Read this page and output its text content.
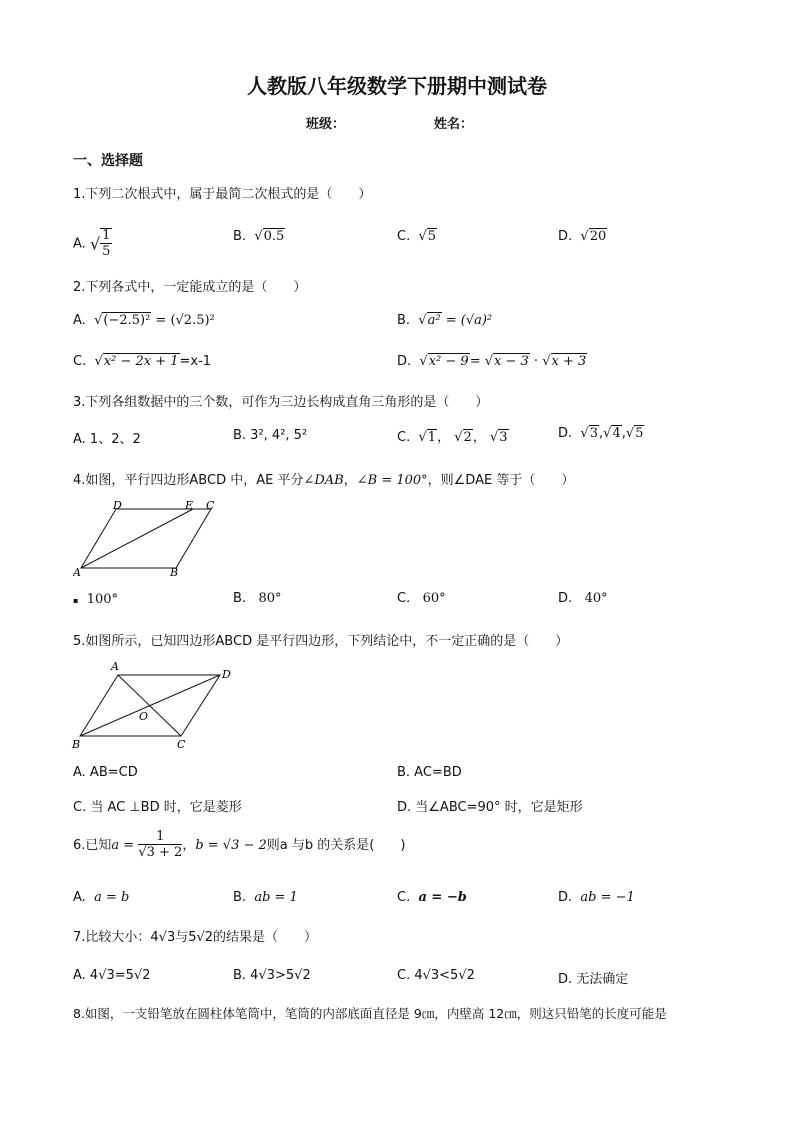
人教版八年级数学下册期中测试卷
班级：	姓名：
一、选择题
1.下列二次根式中，属于最简二次根式的是（　　）
A. √ $\frac{1}{5}$	B. √0.5	C. √5	D. √20
2.下列各式中，一定能成立的是（　　）
A. √(−2.5)² = (√2.5)²	B. √a² = (√a)²
C. √x² − 2x + 1=x-1	D. √x² − 9= √x − 3 · √x + 3
3.下列各组数据中的三个数，可作为三边长构成直角三角形的是（　　）
A. 1、2、2	B. 3², 4², 5²	C. √1， √2， √3	D. √3,√4,√5
4.如图，平行四边形ABCD 中，AE 平分∠DAB，∠B = 100°，则∠DAE 等于（　　）
D	E C
A	B
▪ 100°	B. 80°	C. 60°	D. 40°
5.如图所示，已知四边形ABCD 是平行四边形，下列结论中，不一定正确的是（　　）
A
D
O
B	C
A. AB=CD	B. AC=BD
C. 当 AC ⊥BD 时，它是菱形	D. 当∠ABC=90° 时，它是矩形
6.已知$a = \frac{1}{√3 + 2}$ ，b = √3 − 2则a 与b 的关系是(　　)
A. a = b	B. ab = 1	C. a = −b	D. ab = −1
7.比较大小：4√3与5√2的结果是（　　）
A. 4√3=5√2	B. 4√3>5√2	C. 4√3<5√2	D. 无法确定
8.如图，一支铅笔放在圆柱体笔筒中，笔筒的内部底面直径是 9㎝，内壁高 12㎝，则这只铅笔的长度可能是
